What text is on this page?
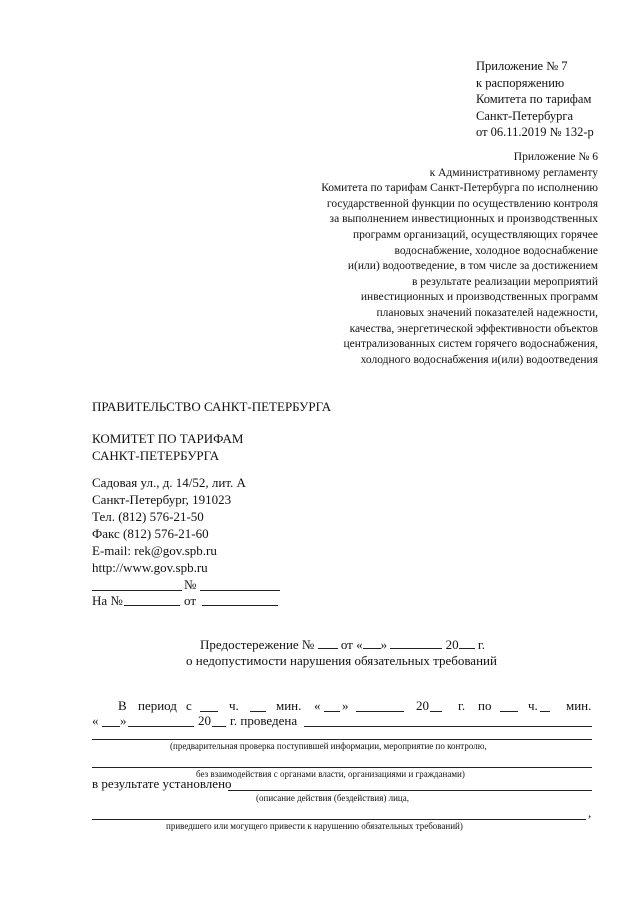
Приложение № 7
к распоряжению
Комитета по тарифам
Санкт-Петербурга
от 06.11.2019 № 132-р
Приложение № 6
к Административному регламенту
Комитета по тарифам Санкт-Петербурга по исполнению
государственной функции по осуществлению контроля
за выполнением инвестиционных и производственных
программ организаций, осуществляющих горячее
водоснабжение, холодное водоснабжение
и(или) водоотведение, в том числе за достижением
в результате реализации мероприятий
инвестиционных и производственных программ
плановых значений показателей надежности,
качества, энергетической эффективности объектов
централизованных систем горячего водоснабжения,
холодного водоснабжения и(или) водоотведения
ПРАВИТЕЛЬСТВО САНКТ-ПЕТЕРБУРГА
КОМИТЕТ ПО ТАРИФАМ
САНКТ-ПЕТЕРБУРГА
Садовая ул., д. 14/52, лит. А
Санкт-Петербург, 191023
Тел. (812) 576-21-50
Факс (812) 576-21-60
E-mail: rek@gov.spb.ru
http://www.gov.spb.ru
№
На №	от
Предостережение № от « »	20 г.
о недопустимости нарушения обязательных требований
В период с	ч.	мин. « »	20 г. по	ч. мин.
« »	20 г. проведена
(предварительная проверка поступившей информации, мероприятие по контролю,
без взаимодействия с органами власти, организациями и гражданами)
в результате установлено
(описание действия (бездействия) лица,
,
приведшего или могущего привести к нарушению обязательных требований)
